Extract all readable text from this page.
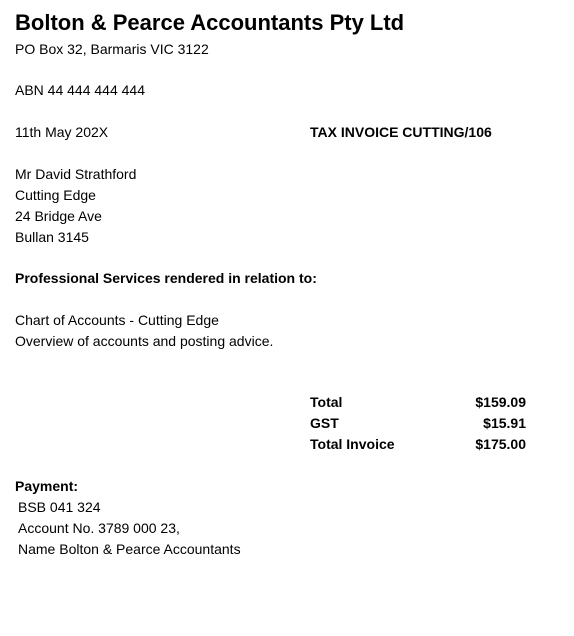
Bolton & Pearce Accountants Pty Ltd
PO Box 32, Barmaris VIC 3122
ABN 44 444 444 444
11th May 202X	TAX INVOICE CUTTING/106
Mr David Strathford
Cutting Edge
24 Bridge Ave
Bullan 3145
Professional Services rendered in relation to:
Chart of Accounts - Cutting Edge
Overview of accounts and posting advice.
Total	$159.09
GST	$15.91
Total Invoice	$175.00
Payment:
BSB 041 324
Account No. 3789 000 23,
Name Bolton & Pearce Accountants
